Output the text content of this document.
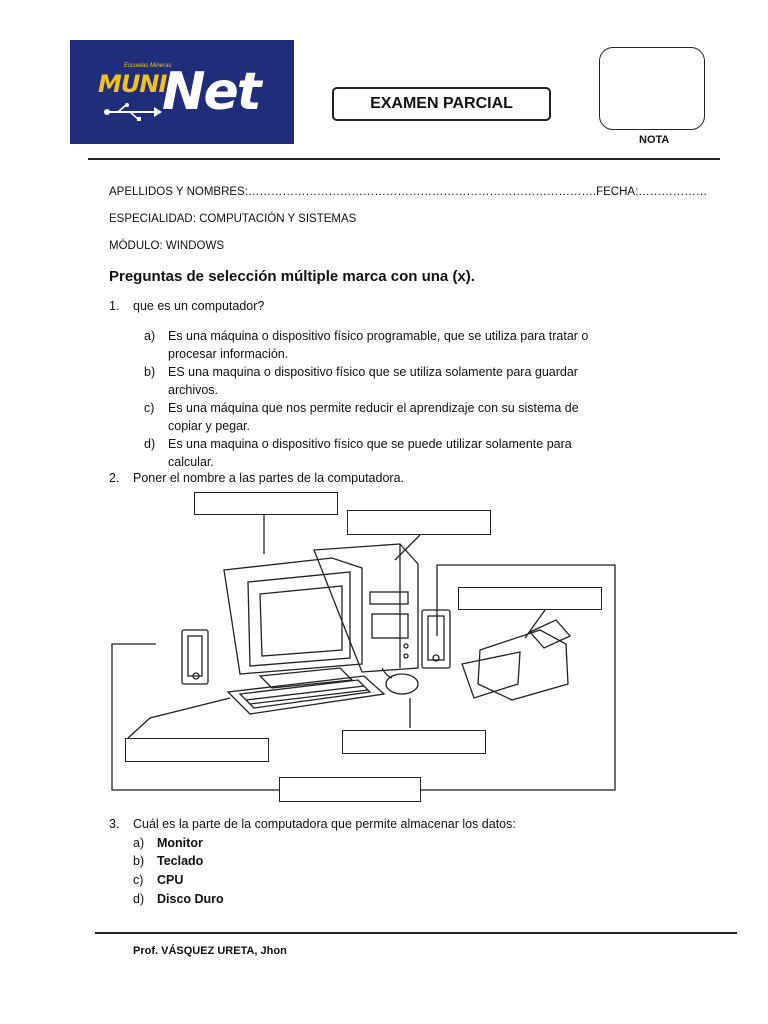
Escuelas Mineras
MUNI
Net	EXAMEN PARCIAL
NOTA
APELLIDOS Y NOMBRES:……………………………………………………………………………….FECHA:………………
ESPECIALIDAD: COMPUTACIÓN Y SISTEMAS
MÓDULO: WINDOWS
Preguntas de selección múltiple marca con una (x).
1. que es un computador?
a) Es una máquina o dispositivo físico programable, que se utiliza para tratar o
procesar información.
b) ES una maquina o dispositivo físico que se utiliza solamente para guardar
archivos.
c) Es una máquina que nos permite reducir el aprendizaje con su sistema de
copiar y pegar.
d) Es una maquina o dispositivo físico que se puede utilizar solamente para
calcular.
2. Poner el nombre a las partes de la computadora.
3. Cuál es la parte de la computadora que permite almacenar los datos:
a) Monitor
b) Teclado
c) CPU
d) Disco Duro
Prof. VÁSQUEZ URETA, Jhon
